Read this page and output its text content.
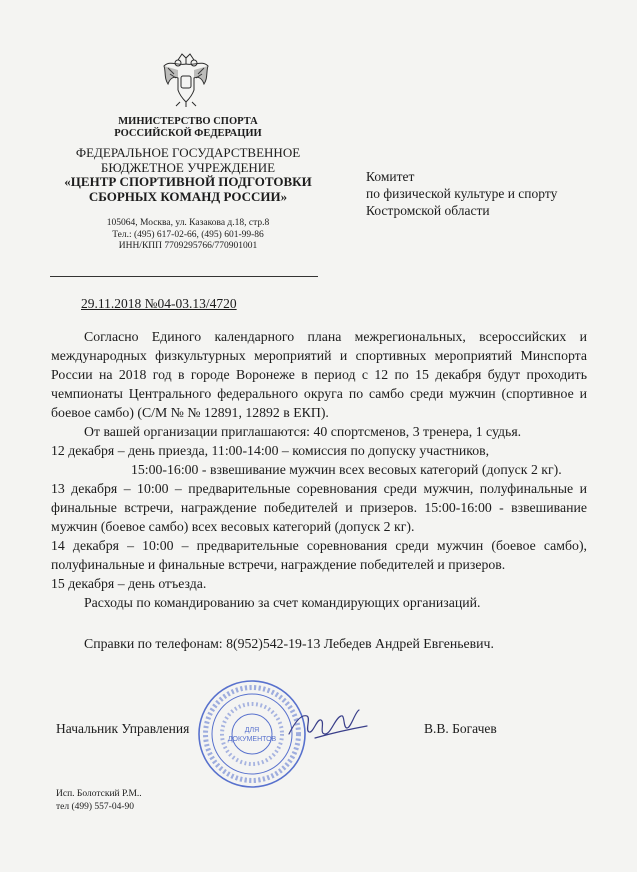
МИНИСТЕРСТВО СПОРТА
РОССИЙСКОЙ ФЕДЕРАЦИИ
ФЕДЕРАЛЬНОЕ ГОСУДАРСТВЕННОЕ
БЮДЖЕТНОЕ УЧРЕЖДЕНИЕ
«ЦЕНТР СПОРТИВНОЙ ПОДГОТОВКИ
СБОРНЫХ КОМАНД РОССИИ»
105064, Москва, ул. Казакова д.18, стр.8
Тел.: (495) 617-02-66, (495) 601-99-86
ИНН/КПП 7709295766/770901001
Комитет
по физической культуре и спорту
Костромской области
29.11.2018 №04-03.13/4720

Согласно Единого календарного плана межрегиональных, всероссийских и международных физкультурных мероприятий и спортивных мероприятий Минспорта России на 2018 год в городе Воронеже в период с 12 по 15 декабря будут проходить чемпионаты Центрального федерального округа по самбо среди мужчин (спортивное и боевое самбо) (С/М № № 12891, 12892 в ЕКП).

От вашей организации приглашаются: 40 спортсменов, 3 тренера, 1 судья.

12 декабря – день приезда, 11:00-14:00 – комиссия по допуску участников,

15:00-16:00 - взвешивание мужчин всех весовых категорий (допуск 2 кг).

13 декабря – 10:00 – предварительные соревнования среди мужчин, полуфинальные и финальные встречи, награждение победителей и призеров. 15:00-16:00 - взвешивание мужчин (боевое самбо) всех весовых категорий (допуск 2 кг).

14 декабря – 10:00 – предварительные соревнования среди мужчин (боевое самбо), полуфинальные и финальные встречи, награждение победителей и призеров.

15 декабря – день отъезда.

Расходы по командированию за счет командирующих организаций.

Справки по телефонам: 8(952)542-19-13 Лебедев Андрей Евгеньевич.
ДЛЯ
ДОКУМЕНТОВ
Начальник Управления	В.В. Богачев
Исп. Болотский Р.М..
тел (499) 557-04-90
